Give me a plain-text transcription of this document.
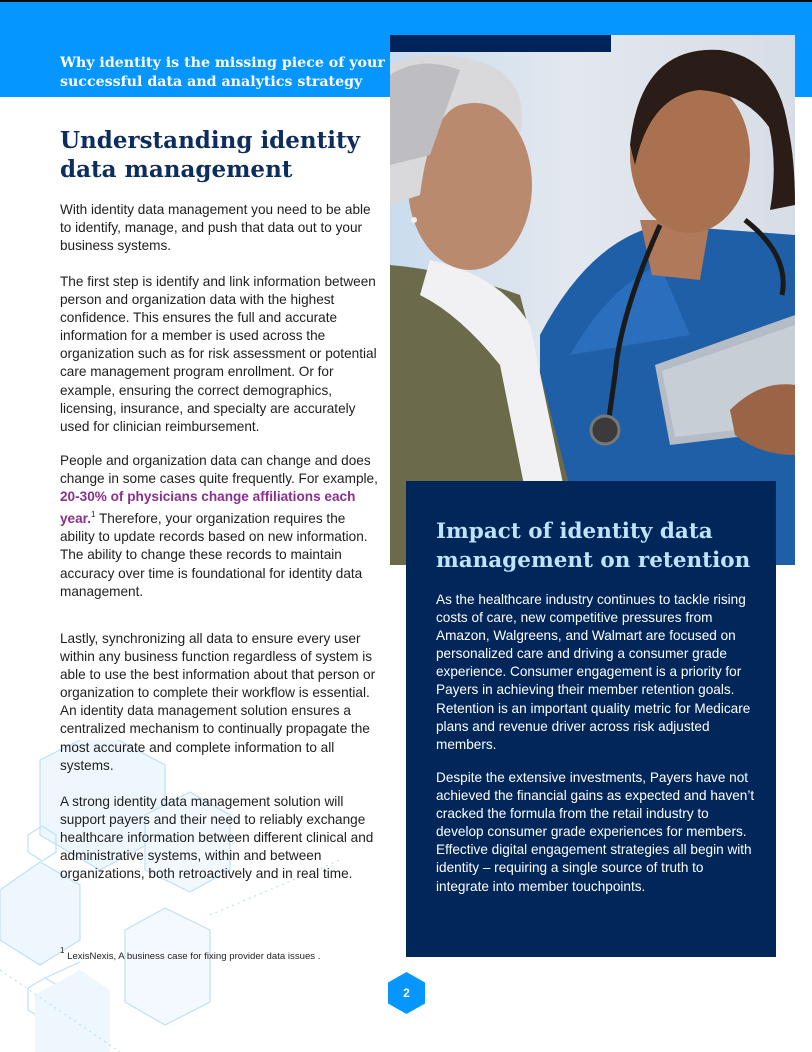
Why identity is the missing piece of your
successful data and analytics strategy
Understanding identity
data management

With identity data management you need to be able to identify, manage, and push that data out to your business systems.

The first step is identify and link information between person and organization data with the highest confidence. This ensures the full and accurate information for a member is used across the organization such as for risk assessment or potential care management program enrollment. Or for example, ensuring the correct demographics, licensing, insurance, and specialty are accurately used for clinician reimbursement.

People and organization data can change and does change in some cases quite frequently. For example, 20-30% of physicians change affiliations each year.$^1$ Therefore, your organization requires the ability to update records based on new information. The ability to change these records to maintain accuracy over time is foundational for identity data management.

Lastly, synchronizing all data to ensure every user within any business function regardless of system is able to use the best information about that person or organization to complete their workflow is essential. An identity data management solution ensures a centralized mechanism to continually propagate the most accurate and complete information to all systems.

A strong identity data management solution will support payers and their need to reliably exchange healthcare information between different clinical and administrative systems, within and between organizations, both retroactively and in real time.

$^1$ LexisNexis, A business case for fixing provider data issues .
Impact of identity data
management on retention

As the healthcare industry continues to tackle rising costs of care, new competitive pressures from Amazon, Walgreens, and Walmart are focused on personalized care and driving a consumer grade experience. Consumer engagement is a priority for Payers in achieving their member retention goals. Retention is an important quality metric for Medicare plans and revenue driver across risk adjusted members.

Despite the extensive investments, Payers have not achieved the financial gains as expected and haven’t cracked the formula from the retail industry to develop consumer grade experiences for members. Effective digital engagement strategies all begin with identity – requiring a single source of truth to integrate into member touchpoints.

2
